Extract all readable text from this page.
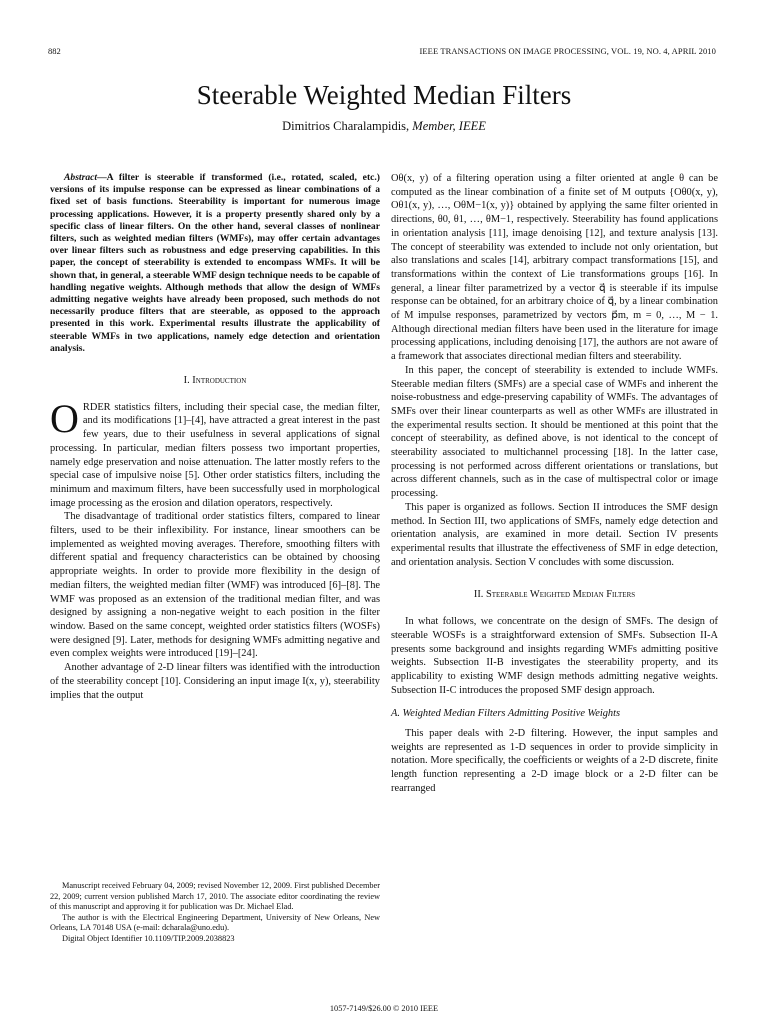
882	IEEE TRANSACTIONS ON IMAGE PROCESSING, VOL. 19, NO. 4, APRIL 2010
Steerable Weighted Median Filters
Dimitrios Charalampidis, Member, IEEE

Abstract—A filter is steerable if transformed (i.e., rotated, scaled, etc.) versions of its impulse response can be expressed as linear combinations of a fixed set of basis functions. Steerability is important for numerous image processing applications. However, it is a property presently shared only by a specific class of linear filters. On the other hand, several classes of nonlinear filters, such as weighted median filters (WMFs), may offer certain advantages over linear filters such as robustness and edge preserving capabilities. In this paper, the concept of steerability is extended to encompass WMFs. It will be shown that, in general, a steerable WMF design technique needs to be capable of handling negative weights. Although methods that allow the design of WMFs admitting negative weights have already been proposed, such methods do not necessarily produce filters that are steerable, as opposed to the approach presented in this work. Experimental results illustrate the applicability of steerable WMFs in two applications, namely edge detection and orientation analysis.

I. Introduction

ORDER statistics filters, including their special case, the median filter, and its modifications [1]–[4], have attracted a great interest in the past few years, due to their usefulness in several applications of signal processing. In particular, median filters possess two important properties, namely edge preservation and noise attenuation. The latter mostly refers to the special case of impulsive noise [5]. Other order statistics filters, including the minimum and maximum filters, have been successfully used in morphological image processing as the erosion and dilation operators, respectively.

The disadvantage of traditional order statistics filters, compared to linear filters, used to be their inflexibility. For instance, linear smoothers can be implemented as weighted moving averages. Therefore, smoothing filters with different spatial and frequency characteristics can be obtained by choosing appropriate weights. In order to provide more flexibility in the design of median filters, the weighted median filter (WMF) was introduced [6]–[8]. The WMF was proposed as an extension of the traditional median filter, and was designed by assigning a non-negative weight to each position in the filter window. Based on the same concept, weighted order statistics filters (WOSFs) were designed [9]. Later, methods for designing WMFs admitting negative and even complex weights were introduced [19]–[24].

Another advantage of 2-D linear filters was identified with the introduction of the steerability concept [10]. Considering an input image I(x, y), steerability implies that the output

Oθ(x, y) of a filtering operation using a filter oriented at angle θ can be computed as the linear combination of a finite set of M outputs {Oθ0(x, y), Oθ1(x, y), …, OθM−1(x, y)} obtained by applying the same filter oriented in directions, θ0, θ1, …, θM−1, respectively. Steerability has found applications in orientation analysis [11], image denoising [12], and texture analysis [13]. The concept of steerability was extended to include not only orientation, but also translations and scales [14], arbitrary compact transformations [15], and transformations within the context of Lie transformations groups [16]. In general, a linear filter parametrized by a vector q⃗ is steerable if its impulse response can be obtained, for an arbitrary choice of q⃗, by a linear combination of M impulse responses, parametrized by vectors p⃗m, m = 0, …, M − 1. Although directional median filters have been used in the literature for image processing applications, including denoising [17], the authors are not aware of a framework that associates directional median filters and steerability.

In this paper, the concept of steerability is extended to include WMFs. Steerable median filters (SMFs) are a special case of WMFs and inherent the noise-robustness and edge-preserving capability of WMFs. The advantages of SMFs over their linear counterparts as well as other WMFs are illustrated in the experimental results section. It should be mentioned at this point that the concept of steerability, as defined above, is not identical to the concept of steerability associated to multichannel processing [18]. In the latter case, processing is not performed across different orientations or translations, but across different channels, such as in the case of multispectral color or image processing.

This paper is organized as follows. Section II introduces the SMF design method. In Section III, two applications of SMFs, namely edge detection and orientation analysis, are examined in more detail. Section IV presents experimental results that illustrate the effectiveness of SMF in edge detection, and orientation analysis. Section V concludes with some discussion.

II. Steerable Weighted Median Filters

In what follows, we concentrate on the design of SMFs. The design of steerable WOSFs is a straightforward extension of SMFs. Subsection II-A presents some background and insights regarding WMFs admitting positive weights. Subsection II-B investigates the steerability property, and its applicability to existing WMF design methods admitting negative weights. Subsection II-C introduces the proposed SMF design approach.

A. Weighted Median Filters Admitting Positive Weights

This paper deals with 2-D filtering. However, the input samples and weights are represented as 1-D sequences in order to provide simplicity in notation. More specifically, the coefficients or weights of a 2-D discrete, finite length function representing a 2-D image block or a 2-D filter can be rearranged

Manuscript received February 04, 2009; revised November 12, 2009. First published December 22, 2009; current version published March 17, 2010. The associate editor coordinating the review of this manuscript and approving it for publication was Dr. Michael Elad.

The author is with the Electrical Engineering Department, University of New Orleans, New Orleans, LA 70148 USA (e-mail: dcharala@uno.edu).

Digital Object Identifier 10.1109/TIP.2009.2038823

1057-7149/$26.00 © 2010 IEEE
